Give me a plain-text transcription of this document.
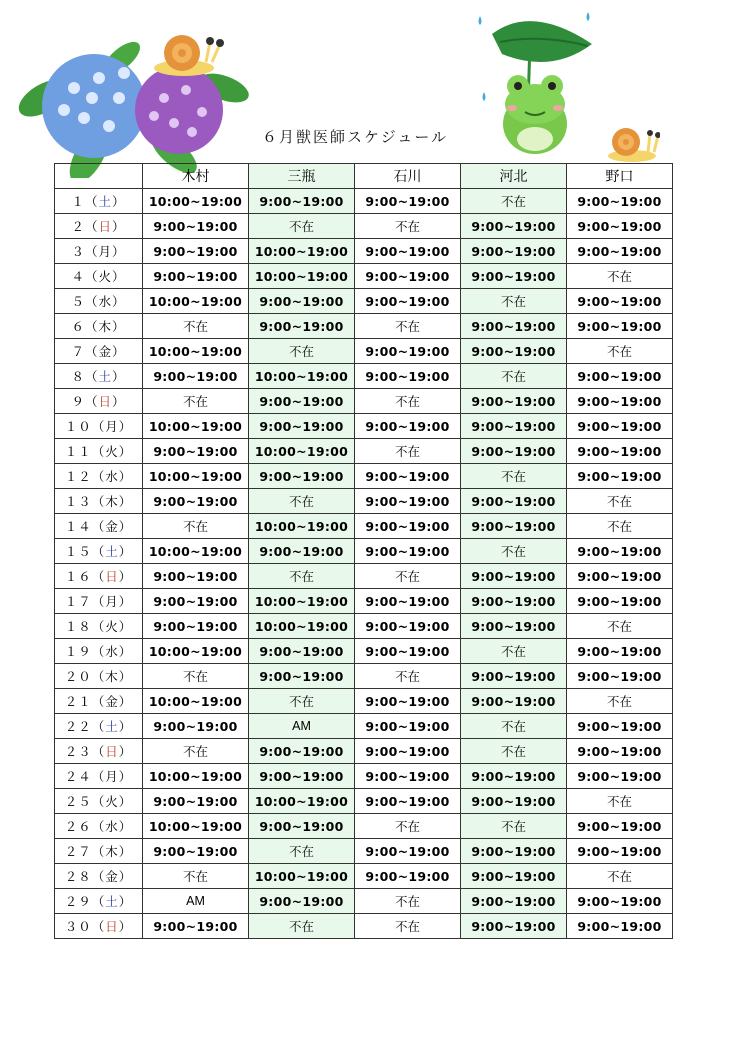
６月獣医師スケジュール
	木村	三瓶	石川	河北	野口
１（土）	10:00~19:00	9:00~19:00	9:00~19:00	不在	9:00~19:00
２（日）	9:00~19:00	不在	不在	9:00~19:00	9:00~19:00
３（月）	9:00~19:00	10:00~19:00	9:00~19:00	9:00~19:00	9:00~19:00
４（火）	9:00~19:00	10:00~19:00	9:00~19:00	9:00~19:00	不在
５（水）	10:00~19:00	9:00~19:00	9:00~19:00	不在	9:00~19:00
６（木）	不在	9:00~19:00	不在	9:00~19:00	9:00~19:00
７（金）	10:00~19:00	不在	9:00~19:00	9:00~19:00	不在
８（土）	9:00~19:00	10:00~19:00	9:00~19:00	不在	9:00~19:00
９（日）	不在	9:00~19:00	不在	9:00~19:00	9:00~19:00
１０（月）	10:00~19:00	9:00~19:00	9:00~19:00	9:00~19:00	9:00~19:00
１１（火）	9:00~19:00	10:00~19:00	不在	9:00~19:00	9:00~19:00
１２（水）	10:00~19:00	9:00~19:00	9:00~19:00	不在	9:00~19:00
１３（木）	9:00~19:00	不在	9:00~19:00	9:00~19:00	不在
１４（金）	不在	10:00~19:00	9:00~19:00	9:00~19:00	不在
１５（土）	10:00~19:00	9:00~19:00	9:00~19:00	不在	9:00~19:00
１６（日）	9:00~19:00	不在	不在	9:00~19:00	9:00~19:00
１７（月）	9:00~19:00	10:00~19:00	9:00~19:00	9:00~19:00	9:00~19:00
１８（火）	9:00~19:00	10:00~19:00	9:00~19:00	9:00~19:00	不在
１９（水）	10:00~19:00	9:00~19:00	9:00~19:00	不在	9:00~19:00
２０（木）	不在	9:00~19:00	不在	9:00~19:00	9:00~19:00
２１（金）	10:00~19:00	不在	9:00~19:00	9:00~19:00	不在
２２（土）	9:00~19:00	AM	9:00~19:00	不在	9:00~19:00
２３（日）	不在	9:00~19:00	9:00~19:00	不在	9:00~19:00
２４（月）	10:00~19:00	9:00~19:00	9:00~19:00	9:00~19:00	9:00~19:00
２５（火）	9:00~19:00	10:00~19:00	9:00~19:00	9:00~19:00	不在
２６（水）	10:00~19:00	9:00~19:00	不在	不在	9:00~19:00
２７（木）	9:00~19:00	不在	9:00~19:00	9:00~19:00	9:00~19:00
２８（金）	不在	10:00~19:00	9:00~19:00	9:00~19:00	不在
２９（土）	AM	9:00~19:00	不在	9:00~19:00	9:00~19:00
３０（日）	9:00~19:00	不在	不在	9:00~19:00	9:00~19:00
